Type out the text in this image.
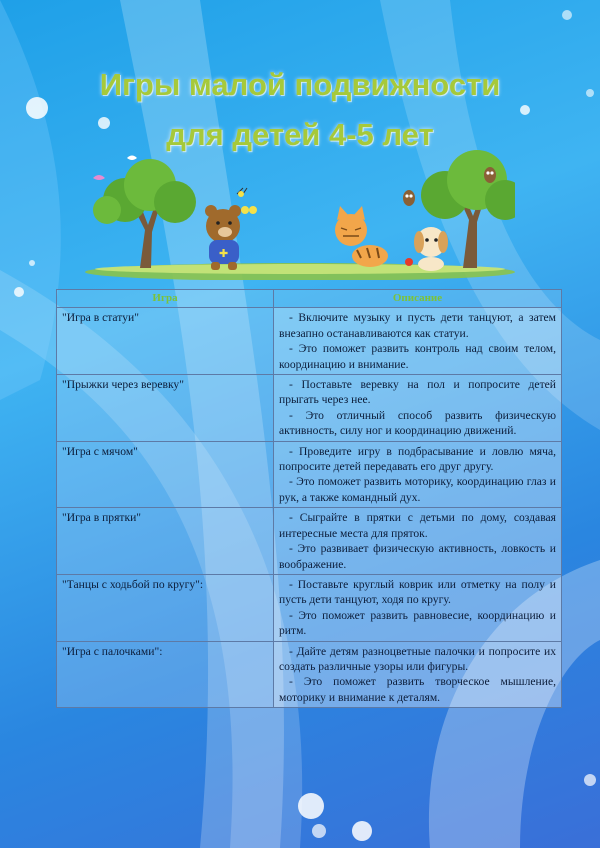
Игры малой подвижности
для детей 4-5 лет
✚
Игра	Описание
"Игра в статуи"	- Включите музыку и пусть дети танцуют, а затем внезапно останавливаются как статуи.

- Это поможет развить контроль над своим телом, координацию и внимание.

"Прыжки через веревку"	- Поставьте веревку на пол и попросите детей прыгать через нее.

- Это отличный способ развить физическую активность, силу ног и координацию движений.

"Игра с мячом"	- Проведите игру в подбрасывание и ловлю мяча, попросите детей передавать его друг другу.

- Это поможет развить моторику, координацию глаз и рук, а также командный дух.

"Игра в прятки"	- Сыграйте в прятки с детьми по дому, создавая интересные места для пряток.

- Это развивает физическую активность, ловкость и воображение.

"Танцы с ходьбой по кругу":	- Поставьте круглый коврик или отметку на полу и пусть дети танцуют, ходя по кругу.

- Это поможет развить равновесие, координацию и ритм.

"Игра с палочками":	- Дайте детям разноцветные палочки и попросите их создать различные узоры или фигуры.

- Это поможет развить творческое мышление, моторику и внимание к деталям.
